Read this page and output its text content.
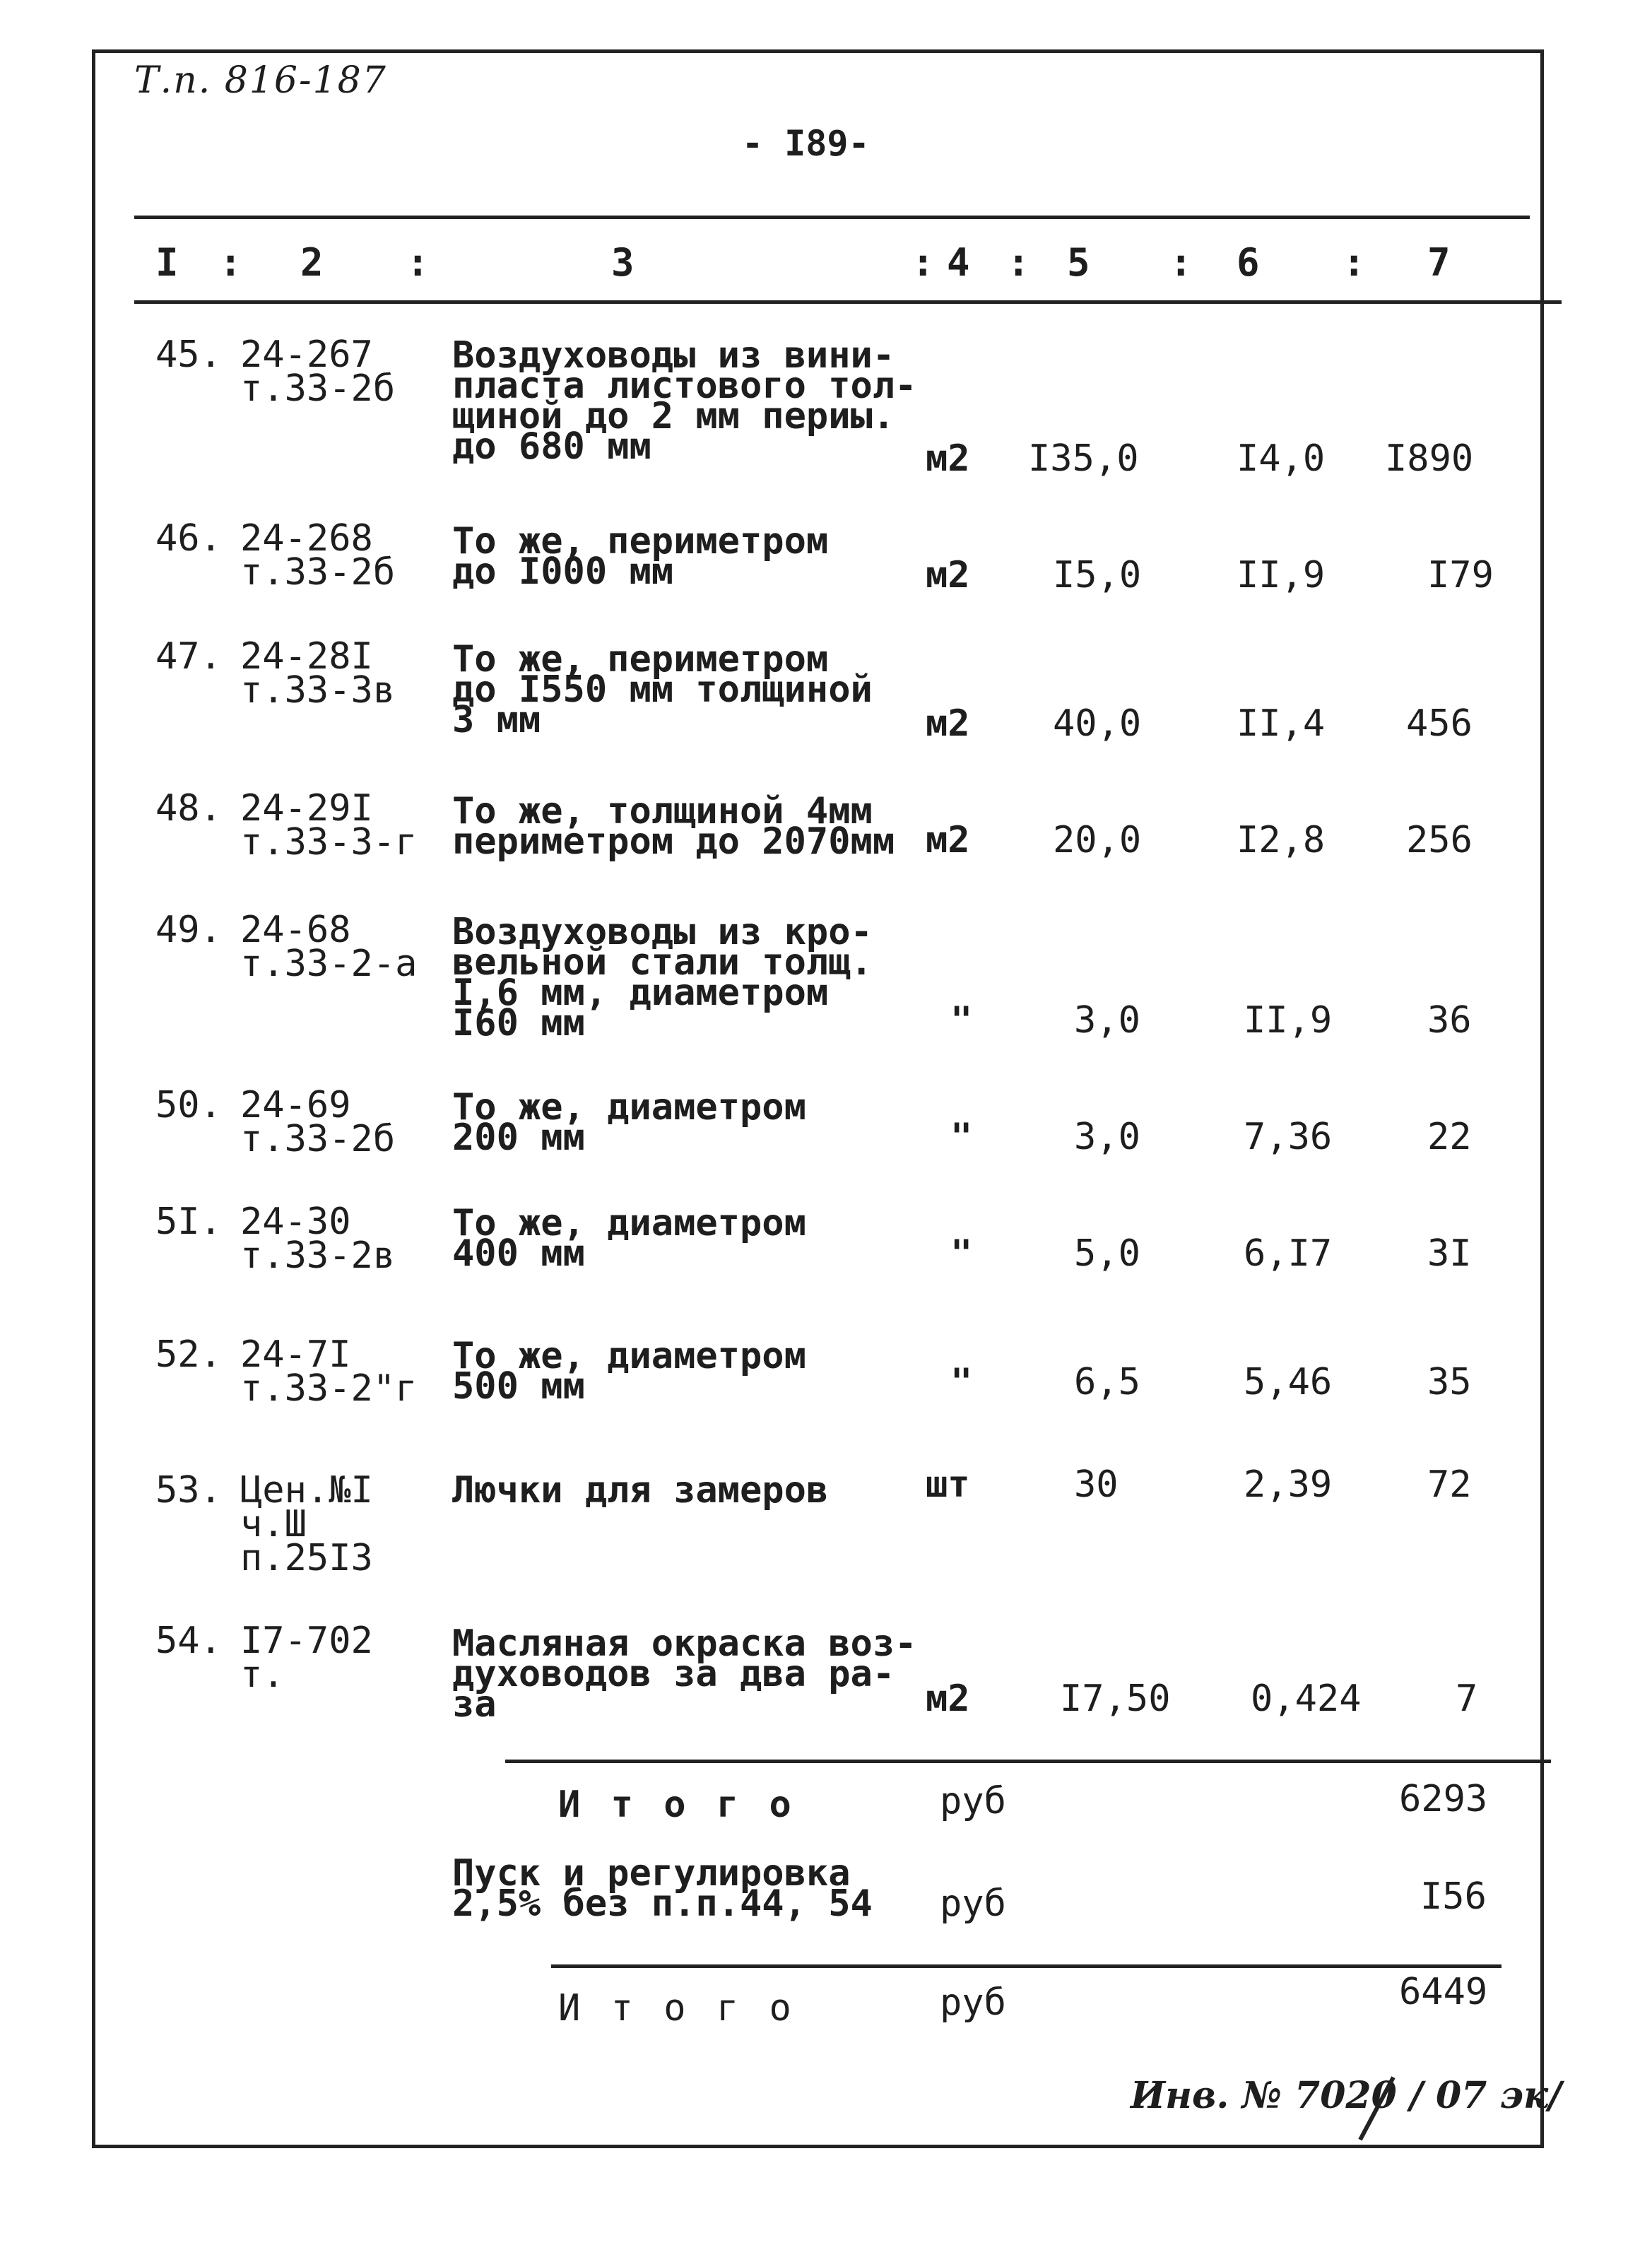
Т.п. 816-187
- I89-
I : 2 :	3	: 4 : 5 : 6 : 7
45. 24-267
т.33-2б
Воздуховоды из вини-
пласта листового тол-
щиной до 2 мм периы.
до 680 мм	м2 I35,0	I4,0 I890
46. 24-268
т.33-2б
То же, периметром
до I000 мм	м2 I5,0	II,9	I79
47. 24-28I
т.33-3в
То же, периметром
до I550 мм толщиной
3 мм	м2 40,0	II,4 456
48. 24-29I
т.33-3-г
То же, толщиной 4мм
периметром до 2070мм м2 20,0	I2,8 256
49. 24-68
т.33-2-а
Воздуховоды из кро-
вельной стали толщ.
I,6 мм, диаметром
I60 мм	"	3,0	II,9	36
50. 24-69
т.33-2б
То же, диаметром
200 мм	"	3,0	7,36	22
5I. 24-30
т.33-2в
То же, диаметром
400 мм	"	5,0	6,I7	3I
52. 24-7I
т.33-2"г
То же, диаметром
500 мм	"	6,5	5,46	35
53. Цен.№I
ч.Ш
п.25I3
Лючки для замеров	шт	30	2,39	72
54. I7-702
т.
Масляная окраска воз-
духоводов за два ра-
за	м2 I7,50 0,424	7
И т о г о	руб	6293
Пуск и регулировка
2,5% без п.п.44, 54 руб	I56
И т о г о	руб	6449
Инв. № 7020 / 07 эк/
